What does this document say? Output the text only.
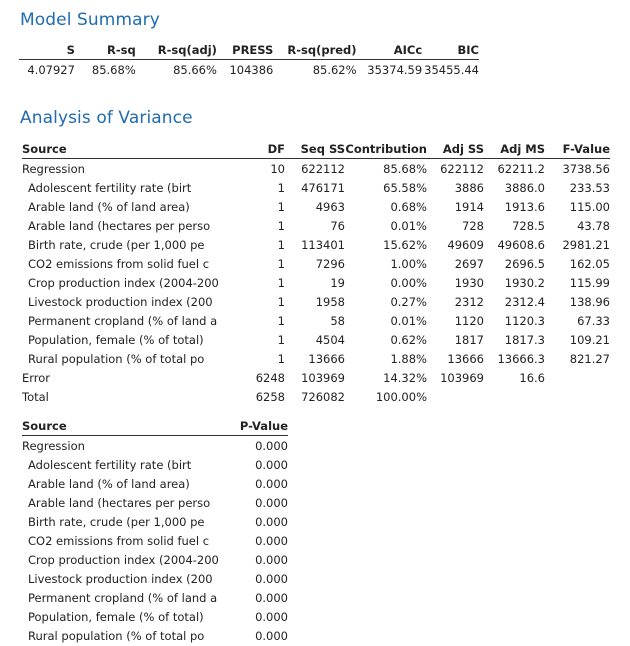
Model Summary
S	R-sq	R-sq(adj)	PRESS	R-sq(pred)	AICc	BIC
4.07927	85.68%	85.66%	104386	85.62%	35374.59	35455.44
Analysis of Variance
Source	DF	Seq SS	Contribution	Adj SS	Adj MS	F-Value
Regression	10	622112	85.68%	622112	62211.2	3738.56
Adolescent fertility rate (birt	1	476171	65.58%	3886	3886.0	233.53
Arable land (% of land area)	1	4963	0.68%	1914	1913.6	115.00
Arable land (hectares per perso	1	76	0.01%	728	728.5	43.78
Birth rate, crude (per 1,000 pe	1	113401	15.62%	49609	49608.6	2981.21
CO2 emissions from solid fuel c	1	7296	1.00%	2697	2696.5	162.05
Crop production index (2004-200	1	19	0.00%	1930	1930.2	115.99
Livestock production index (200	1	1958	0.27%	2312	2312.4	138.96
Permanent cropland (% of land a	1	58	0.01%	1120	1120.3	67.33
Population, female (% of total)	1	4504	0.62%	1817	1817.3	109.21
Rural population (% of total po	1	13666	1.88%	13666	13666.3	821.27
Error	6248	103969	14.32%	103969	16.6	
Total	6258	726082	100.00%			
Source	P-Value
Regression	0.000
Adolescent fertility rate (birt	0.000
Arable land (% of land area)	0.000
Arable land (hectares per perso	0.000
Birth rate, crude (per 1,000 pe	0.000
CO2 emissions from solid fuel c	0.000
Crop production index (2004-200	0.000
Livestock production index (200	0.000
Permanent cropland (% of land a	0.000
Population, female (% of total)	0.000
Rural population (% of total po	0.000
